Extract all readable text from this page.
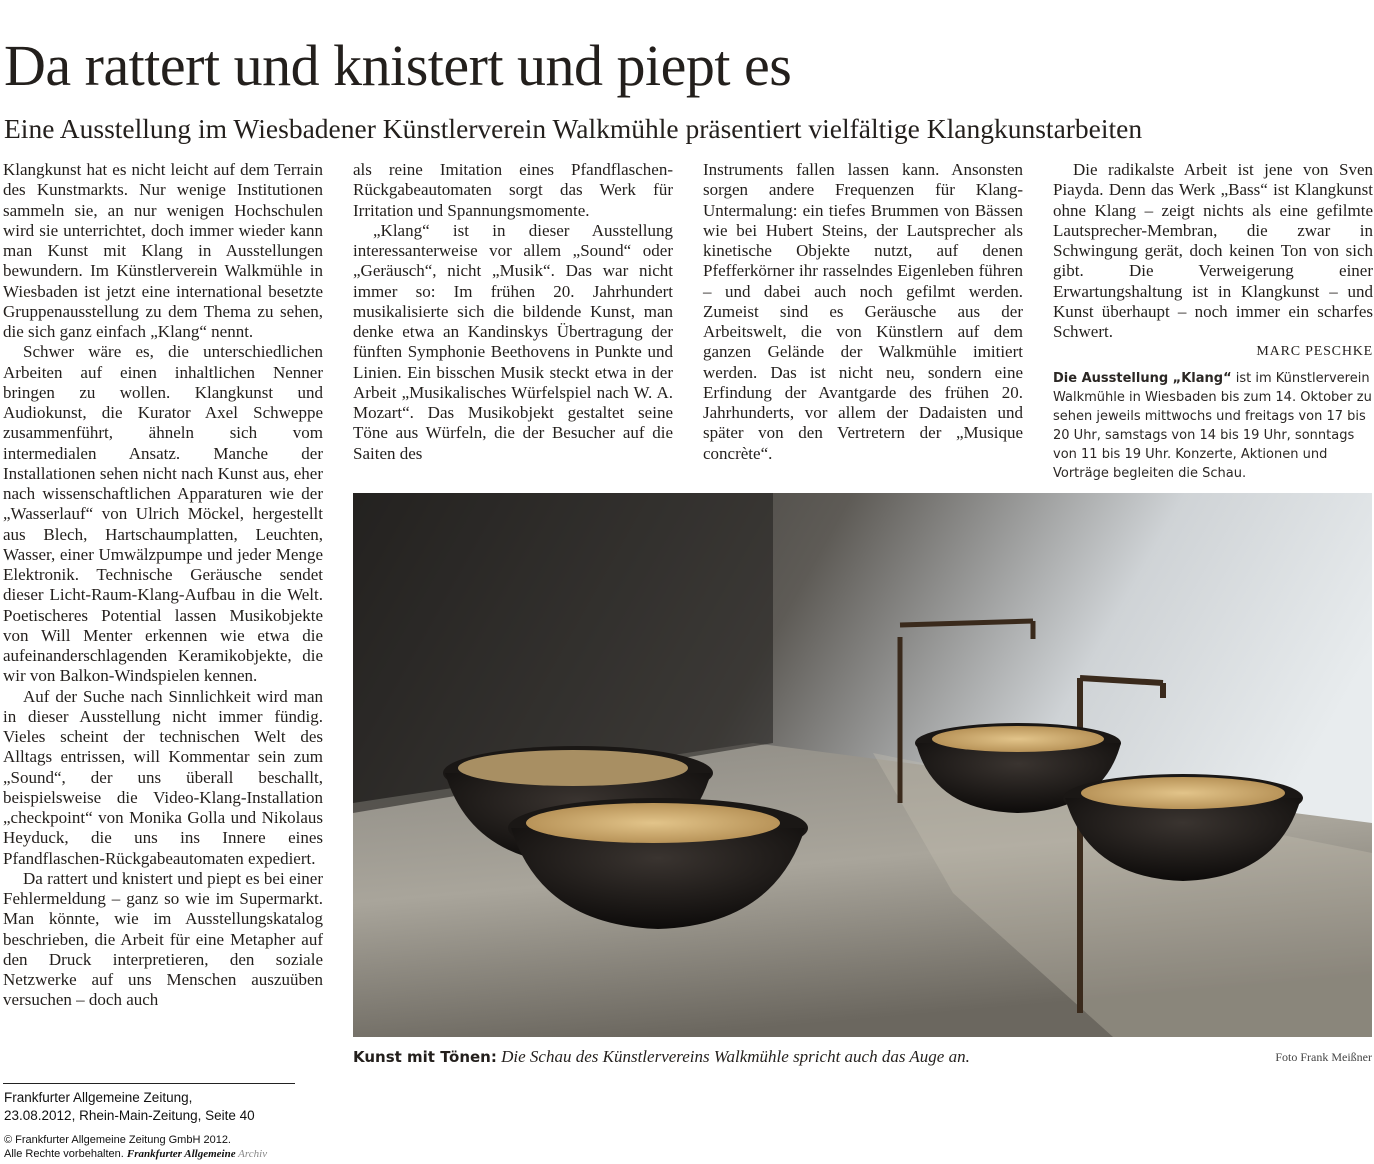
Da rattert und knistert und piept es
Eine Ausstellung im Wiesbadener Künstlerverein Walkmühle präsentiert vielfältige Klangkunstarbeiten

Klangkunst hat es nicht leicht auf dem Terrain des Kunstmarkts. Nur wenige Institutionen sammeln sie, an nur wenigen Hochschulen wird sie unterrichtet, doch immer wieder kann man Kunst mit Klang in Ausstellungen bewundern. Im Künstlerverein Walkmühle in Wiesbaden ist jetzt eine international besetzte Gruppenausstellung zu dem Thema zu sehen, die sich ganz einfach „Klang“ nennt.

Schwer wäre es, die unterschiedlichen Arbeiten auf einen inhaltlichen Nenner bringen zu wollen. Klangkunst und Audiokunst, die Kurator Axel Schweppe zusammenführt, ähneln sich vom intermedialen Ansatz. Manche der Installationen sehen nicht nach Kunst aus, eher nach wissenschaftlichen Apparaturen wie der „Wasserlauf“ von Ulrich Möckel, hergestellt aus Blech, Hartschaumplatten, Leuchten, Wasser, einer Umwälzpumpe und jeder Menge Elektronik. Technische Geräusche sendet dieser Licht-Raum-Klang-Aufbau in die Welt. Poetischeres Potential lassen Musikobjekte von Will Menter erkennen wie etwa die aufeinanderschlagenden Keramikobjekte, die wir von Balkon-Windspielen kennen.

Auf der Suche nach Sinnlichkeit wird man in dieser Ausstellung nicht immer fündig. Vieles scheint der technischen Welt des Alltags entrissen, will Kommentar sein zum „Sound“, der uns überall beschallt, beispielsweise die Video-Klang-Installation „checkpoint“ von Monika Golla und Nikolaus Heyduck, die uns ins Innere eines Pfandflaschen-Rückgabeautomaten expediert.

Da rattert und knistert und piept es bei einer Fehlermeldung – ganz so wie im Supermarkt. Man könnte, wie im Ausstellungskatalog beschrieben, die Arbeit für eine Metapher auf den Druck interpretieren, den soziale Netzwerke auf uns Menschen auszuüben versuchen – doch auch

als reine Imitation eines Pfandflaschen-Rückgabeautomaten sorgt das Werk für Irritation und Spannungsmomente.

„Klang“ ist in dieser Ausstellung interessanterweise vor allem „Sound“ oder „Geräusch“, nicht „Musik“. Das war nicht immer so: Im frühen 20. Jahrhundert musikalisierte sich die bildende Kunst, man denke etwa an Kandinskys Übertragung der fünften Symphonie Beethovens in Punkte und Linien. Ein bisschen Musik steckt etwa in der Arbeit „Musikalisches Würfelspiel nach W. A. Mozart“. Das Musikobjekt gestaltet seine Töne aus Würfeln, die der Besucher auf die Saiten des

Instruments fallen lassen kann. Ansonsten sorgen andere Frequenzen für Klang-Untermalung: ein tiefes Brummen von Bässen wie bei Hubert Steins, der Lautsprecher als kinetische Objekte nutzt, auf denen Pfefferkörner ihr rasselndes Eigenleben führen – und dabei auch noch gefilmt werden. Zumeist sind es Geräusche aus der Arbeitswelt, die von Künstlern auf dem ganzen Gelände der Walkmühle imitiert werden. Das ist nicht neu, sondern eine Erfindung der Avantgarde des frühen 20. Jahrhunderts, vor allem der Dadaisten und später von den Vertretern der „Musique concrète“.

Die radikalste Arbeit ist jene von Sven Piayda. Denn das Werk „Bass“ ist Klangkunst ohne Klang – zeigt nichts als eine gefilmte Lautsprecher-Membran, die zwar in Schwingung gerät, doch keinen Ton von sich gibt. Die Verweigerung einer Erwartungshaltung ist in Klangkunst – und Kunst überhaupt – noch immer ein scharfes Schwert.

MARC PESCHKE
Die Ausstellung „Klang“ ist im Künstlerverein Walkmühle in Wiesbaden bis zum 14. Oktober zu sehen jeweils mittwochs und freitags von 17 bis 20 Uhr, samstags von 14 bis 19 Uhr, sonntags von 11 bis 19 Uhr. Konzerte, Aktionen und Vorträge begleiten die Schau.
Kunst mit Tönen: Die Schau des Künstlervereins Walkmühle spricht auch das Auge an.	Foto Frank Meißner
Frankfurter Allgemeine Zeitung,
23.08.2012, Rhein-Main-Zeitung, Seite 40
© Frankfurter Allgemeine Zeitung GmbH 2012.
Alle Rechte vorbehalten. Frankfurter Allgemeine Archiv
